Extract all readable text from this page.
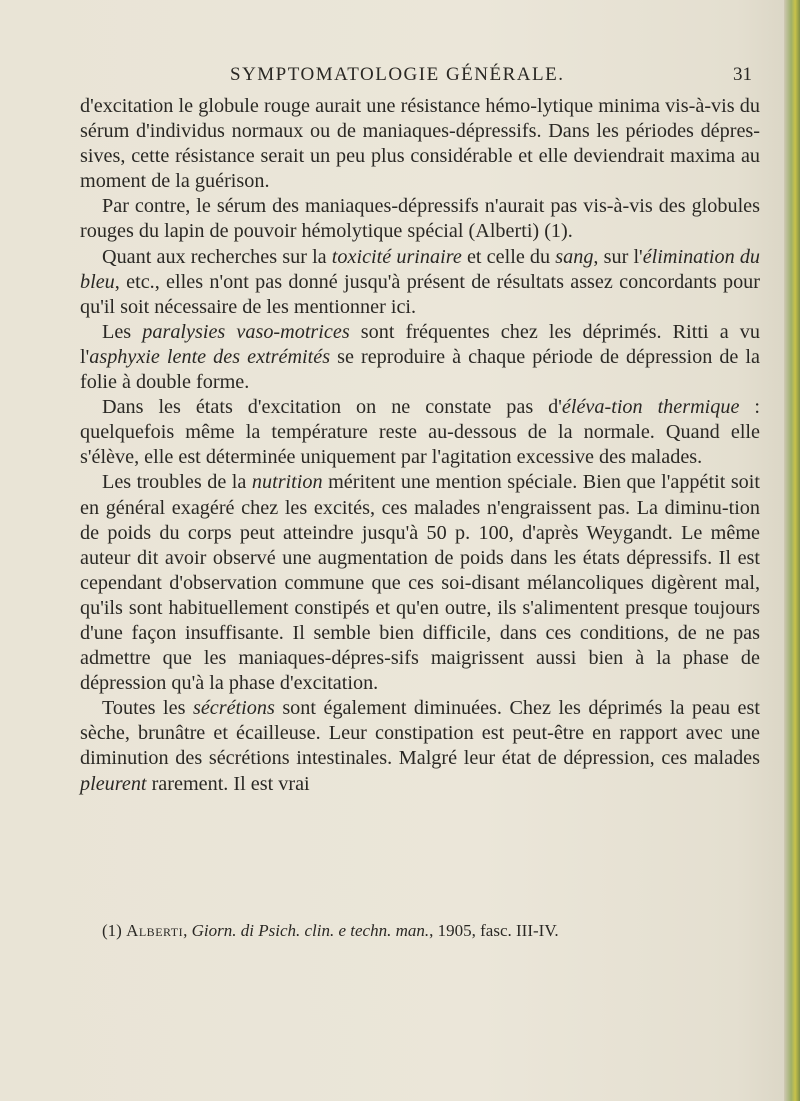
SYMPTOMATOLOGIE GÉNÉRALE.	31

d'excitation le globule rouge aurait une résistance hémo-lytique minima vis-à-vis du sérum d'individus normaux ou de maniaques-dépressifs. Dans les périodes dépres-sives, cette résistance serait un peu plus considérable et elle deviendrait maxima au moment de la guérison.

Par contre, le sérum des maniaques-dépressifs n'aurait pas vis-à-vis des globules rouges du lapin de pouvoir hémolytique spécial (Alberti) (1).

Quant aux recherches sur la toxicité urinaire et celle du sang, sur l'élimination du bleu, etc., elles n'ont pas donné jusqu'à présent de résultats assez concordants pour qu'il soit nécessaire de les mentionner ici.

Les paralysies vaso-motrices sont fréquentes chez les déprimés. Ritti a vu l'asphyxie lente des extrémités se reproduire à chaque période de dépression de la folie à double forme.

Dans les états d'excitation on ne constate pas d'éléva-tion thermique : quelquefois même la température reste au-dessous de la normale. Quand elle s'élève, elle est déterminée uniquement par l'agitation excessive des malades.

Les troubles de la nutrition méritent une mention spéciale. Bien que l'appétit soit en général exagéré chez les excités, ces malades n'engraissent pas. La diminu-tion de poids du corps peut atteindre jusqu'à 50 p. 100, d'après Weygandt. Le même auteur dit avoir observé une augmentation de poids dans les états dépressifs. Il est cependant d'observation commune que ces soi-disant mélancoliques digèrent mal, qu'ils sont habituellement constipés et qu'en outre, ils s'alimentent presque toujours d'une façon insuffisante. Il semble bien difficile, dans ces conditions, de ne pas admettre que les maniaques-dépres-sifs maigrissent aussi bien à la phase de dépression qu'à la phase d'excitation.

Toutes les sécrétions sont également diminuées. Chez les déprimés la peau est sèche, brunâtre et écailleuse. Leur constipation est peut-être en rapport avec une diminution des sécrétions intestinales. Malgré leur état de dépression, ces malades pleurent rarement. Il est vrai

(1) Alberti, Giorn. di Psich. clin. e techn. man., 1905, fasc. III-IV.
